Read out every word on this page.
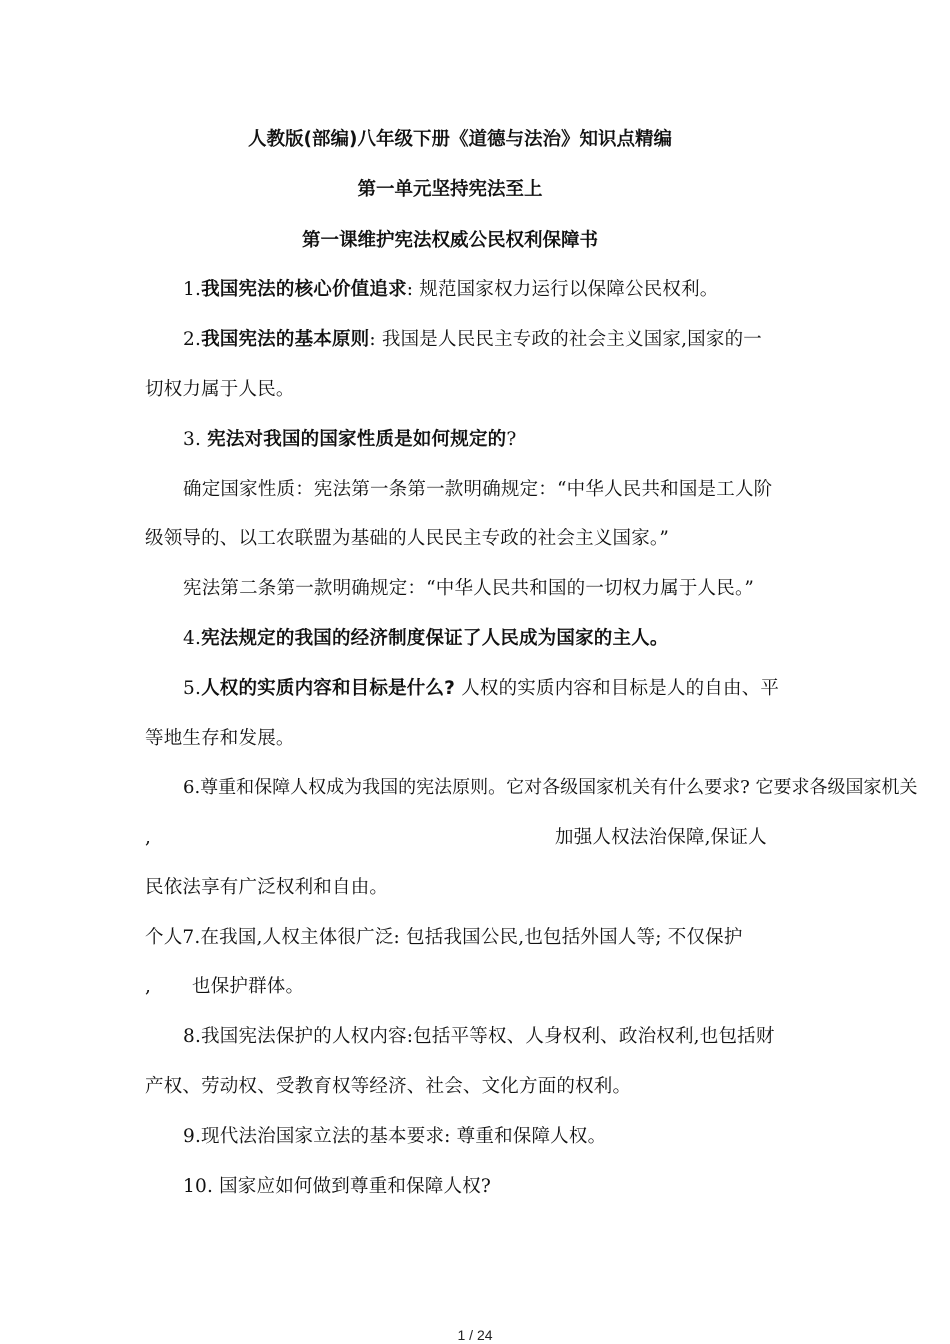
人教版(部编)八年级下册《道德与法治》知识点精编
第一单元坚持宪法至上
第一课维护宪法权威公民权利保障书
1.我国宪法的核心价值追求: 规范国家权力运行以保障公民权利。
2.我国宪法的基本原则: 我国是人民民主专政的社会主义国家,国家的一
切权力属于人民。
3. 宪法对我国的国家性质是如何规定的?
确定国家性质：宪法第一条第一款明确规定：“中华人民共和国是工人阶
级领导的、以工农联盟为基础的人民民主专政的社会主义国家。”
宪法第二条第一款明确规定：“中华人民共和国的一切权力属于人民。”
4.宪法规定的我国的经济制度保证了人民成为国家的主人。
5.人权的实质内容和目标是什么? 人权的实质内容和目标是人的自由、平
等地生存和发展。
6.尊重和保障人权成为我国的宪法原则。它对各级国家机关有什么要求? 它要求各级国家机关
,	加强人权法治保障,保证人
民依法享有广泛权利和自由。
个人7.在我国,人权主体很广泛: 包括我国公民,也包括外国人等; 不仅保护
, 也保护群体。
8.我国宪法保护的人权内容:包括平等权、人身权利、政治权利,也包括财
产权、劳动权、受教育权等经济、社会、文化方面的权利。
9.现代法治国家立法的基本要求: 尊重和保障人权。
10. 国家应如何做到尊重和保障人权?
1 / 24
